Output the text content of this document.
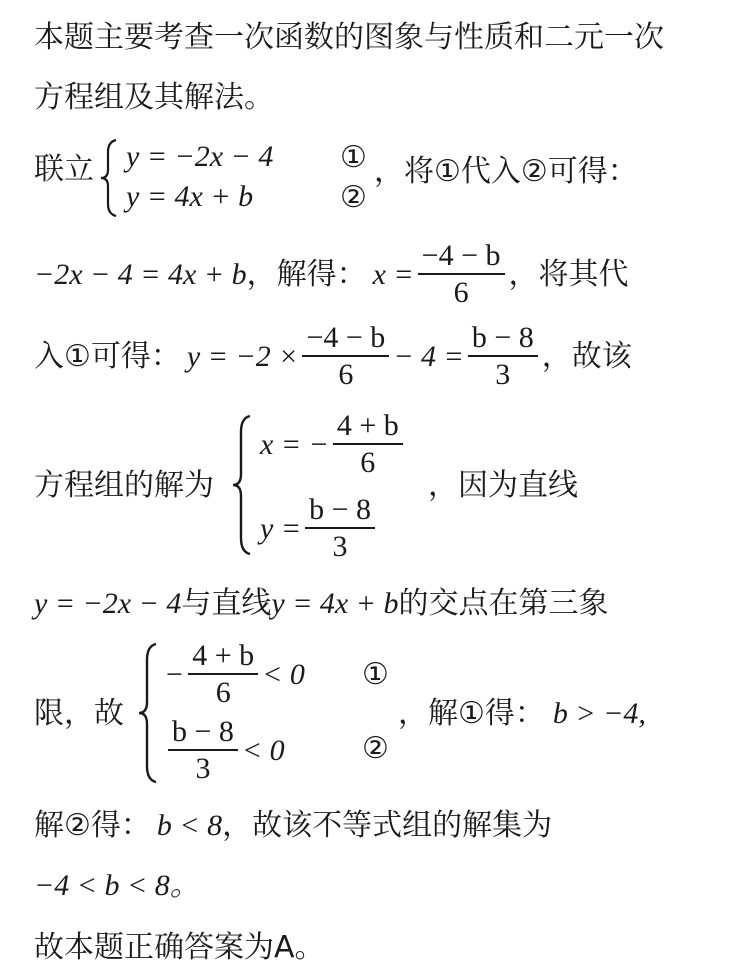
本题主要考查一次函数的图象与性质和二元一次
方程组及其解法。
联立 y = −2x − 4
y = 4x + b
①
②
，将①代入②可得：
−2x − 4 = 4x + b ，解得： $x = \frac{-4 - b}{6}$ ，将其代
入①可得： $y = -2 \times \frac{-4 - b}{6} - 4 = \frac{b - 8}{3}$ ，故该
方程组的解为
x = − $\frac{4 + b}{6}$
$y = \frac{b - 8}{3}$
，因为直线
y = −2x − 4 与直线 y = 4x + b 的交点在第三象
限，故
− $\frac{4 + b}{6} < 0$
$\frac{b - 8}{3} < 0$
①
②
，解①得： b > −4,
解②得： b < 8 ，故该不等式组的解集为
−4 < b < 8。
故本题正确答案为A。
